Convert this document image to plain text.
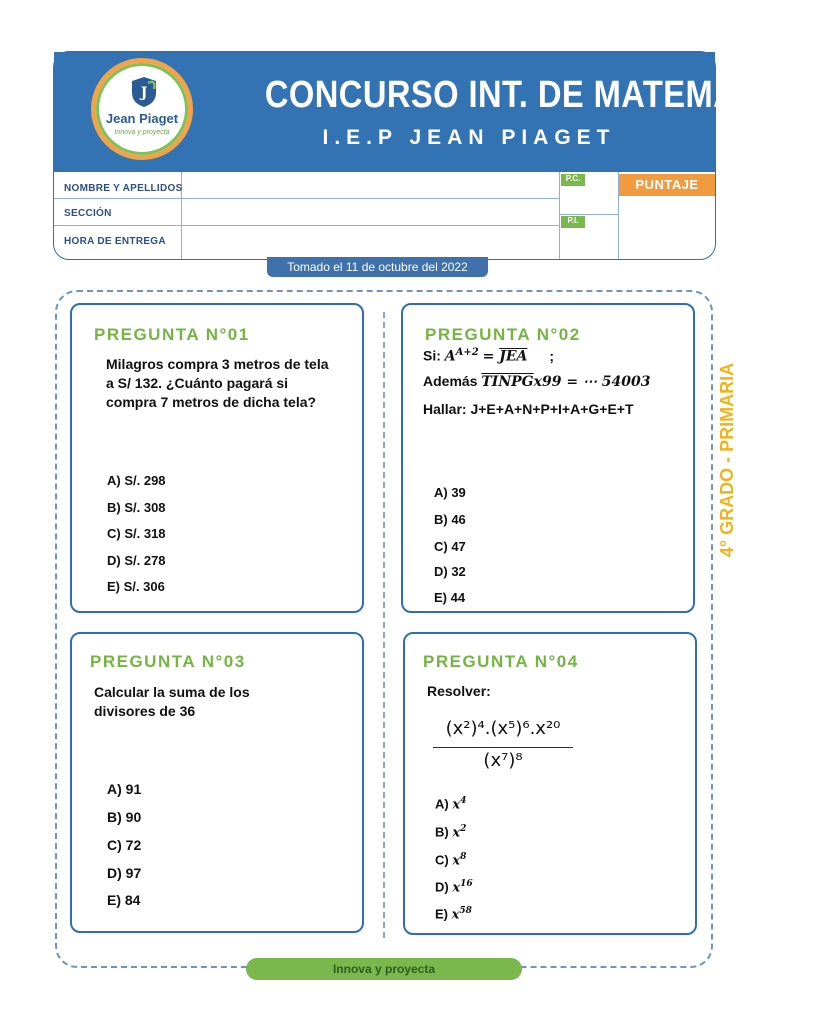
CONCURSO INT. DE MATEMÁTICA
I.E.P JEAN PIAGET
J
Jean Piaget
Innova y proyecta
NOMBRE Y APELLIDOS
SECCIÓN
HORA DE ENTREGA
P.C.
P.I.
PUNTAJE
Tomado el 11 de octubre del 2022
PREGUNTA N°01
Milagros compra 3 metros de tela a S/ 132. ¿Cuánto pagará si compra 7 metros de dicha tela?
A) S/. 298
B) S/. 308
C) S/. 318
D) S/. 278
E) S/. 306
PREGUNTA N°02
Si: $A^{A+2} = \overline{JEA}$ ;
Además TINPGx99 = ⋯ 54003
Hallar: J+E+A+N+P+I+A+G+E+T
A) 39
B) 46
C) 47
D) 32
E) 44
PREGUNTA N°03
Calcular la suma de los divisores de 36
A) 91
B) 90
C) 72
D) 97
E) 84
PREGUNTA N°04
Resolver:
(x²)⁴.(x⁵)⁶.x²⁰
(x⁷)⁸
A) $x^4$
B) $x^2$
C) $x^8$
D) $x^{16}$
E) $x^{58}$
4° GRADO - PRIMARIA
Innova y proyecta
